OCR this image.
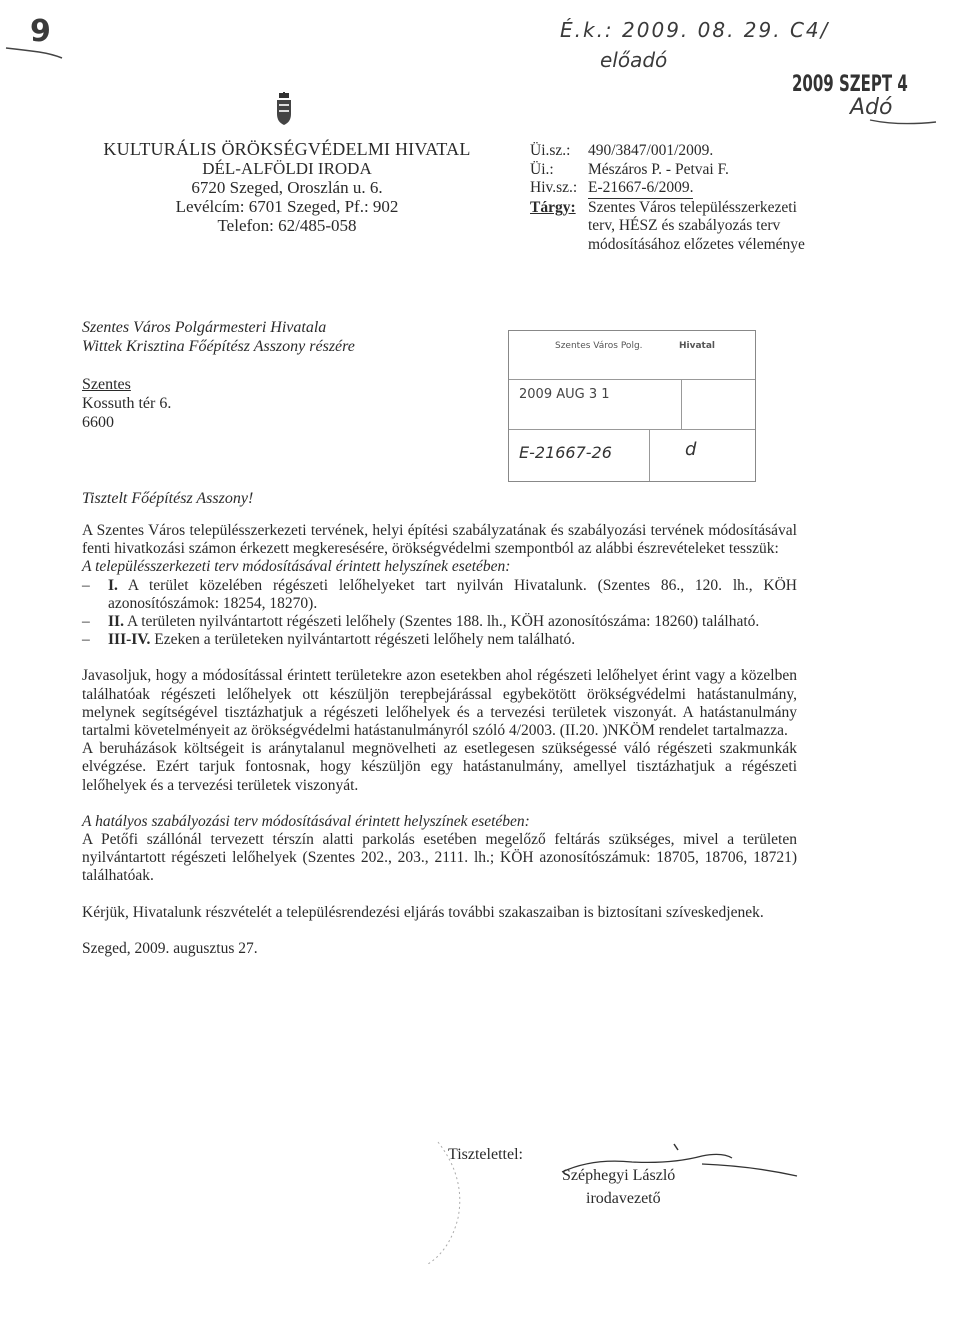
9	É.k.: 2009. 08. 29. C4/
előadó
2009 SZEPT 4
Adó
KULTURÁLIS ÖRÖKSÉGVÉDELMI HIVATAL
DÉL-ALFÖLDI IRODA
6720 Szeged, Oroszlán u. 6.
Levélcím: 6701 Szeged, Pf.: 902
Telefon: 62/485-058
Üi.sz.:	490/3847/001/2009.
Üi.:	Mészáros P. - Petvai F.
Hiv.sz.: E-21667-6/2009.
Tárgy: Szentes Város településszerkezeti
terv, HÉSZ és szabályozás terv
módosításához előzetes véleménye
Szentes Város Polgármesteri Hivatala
Wittek Krisztina Főépítész Asszony részére
Szentes
Kossuth tér 6.
6600
Szentes Város Polg.	Hivatal
2009 AUG 3 1
E-21667-26	d
Tisztelt Főépítész Asszony!

A Szentes Város településszerkezeti tervének, helyi építési szabályzatának és szabályozási tervének módosításával fenti hivatkozási számon érkezett megkeresésére, örökségvédelmi szempontból az alábbi észrevételeket tesszük:

A településszerkezeti terv módosításával érintett helyszínek esetében:

–	I. A terület közelében régészeti lelőhelyeket tart nyilván Hivatalunk. (Szentes 86., 120. lh., KÖH azonosítószámok: 18254, 18270).
–	II. A területen nyilvántartott régészeti lelőhely (Szentes 188. lh., KÖH azonosítószáma: 18260) található.
–	III-IV. Ezeken a területeken nyilvántartott régészeti lelőhely nem található.

Javasoljuk, hogy a módosítással érintett területekre azon esetekben ahol régészeti lelőhelyet érint vagy a közelben találhatóak régészeti lelőhelyek ott készüljön terepbejárással egybekötött örökségvédelmi hatástanulmány, melynek segítségével tisztázhatjuk a régészeti lelőhelyek és a tervezési területek viszonyát. A hatástanulmány tartalmi követelményeit az örökségvédelmi hatástanulmányról szóló 4/2003. (II.20. )NKÖM rendelet tartalmazza.

A beruházások költségeit is aránytalanul megnövelheti az esetlegesen szükségessé váló régészeti szakmunkák elvégzése. Ezért tarjuk fontosnak, hogy készüljön egy hatástanulmány, amellyel tisztázhatjuk a régészeti lelőhelyek és a tervezési területek viszonyát.

A hatályos szabályozási terv módosításával érintett helyszínek esetében:

A Petőfi szállónál tervezett térszín alatti parkolás esetében megelőző feltárás szükséges, mivel a területen nyilvántartott régészeti lelőhelyek (Szentes 202., 203., 2111. lh.; KÖH azonosítószámuk: 18705, 18706, 18721) találhatóak.

Kérjük, Hivatalunk részvételét a településrendezési eljárás további szakaszaiban is biztosítani szíveskedjenek.

Szeged, 2009. augusztus 27.

Tisztelettel:
Széphegyi László
irodavezető
